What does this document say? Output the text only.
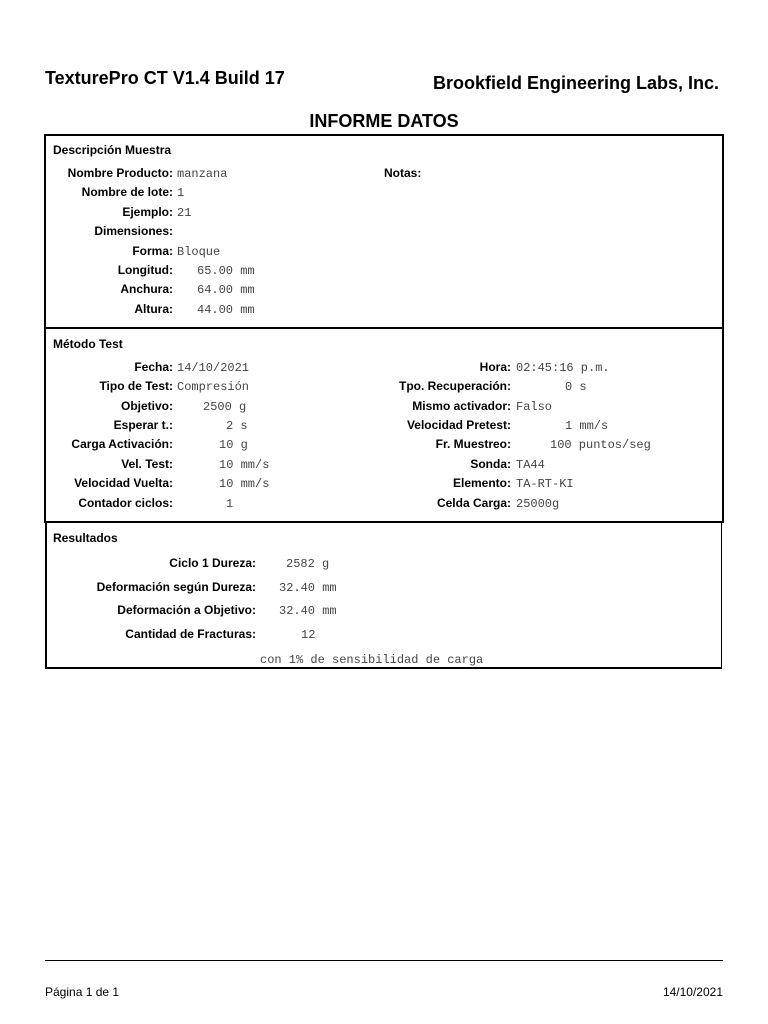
TexturePro CT V1.4 Build 17	Brookfield Engineering Labs, Inc.
INFORME DATOS
Descripción Muestra
Nombre Producto: manzana
Nombre de lote: 1
Ejemplo: 21
Dimensiones:
Forma: Bloque
Longitud: 65.00 mm
Anchura: 64.00 mm
Altura: 44.00 mm
Notas:
Método Test
Fecha: 14/10/2021
Tipo de Test: Compresión
Objetivo:	2500 g
Esperar t.:	2 s
Carga Activación:	10 g
Vel. Test:	10 mm/s
Velocidad Vuelta:	10 mm/s
Contador ciclos:	1
Hora: 02:45:16 p.m.
Tpo. Recuperación:	0 s
Mismo activador: Falso
Velocidad Pretest:	1 mm/s
Fr. Muestreo:	100 puntos/seg
Sonda: TA44
Elemento: TA-RT-KI
Celda Carga: 25000g
Resultados
Ciclo 1 Dureza:	2582 g
Deformación según Dureza: 32.40 mm
Deformación a Objetivo: 32.40 mm
Cantidad de Fracturas:	12
con 1% de sensibilidad de carga
Página 1 de 1	14/10/2021
